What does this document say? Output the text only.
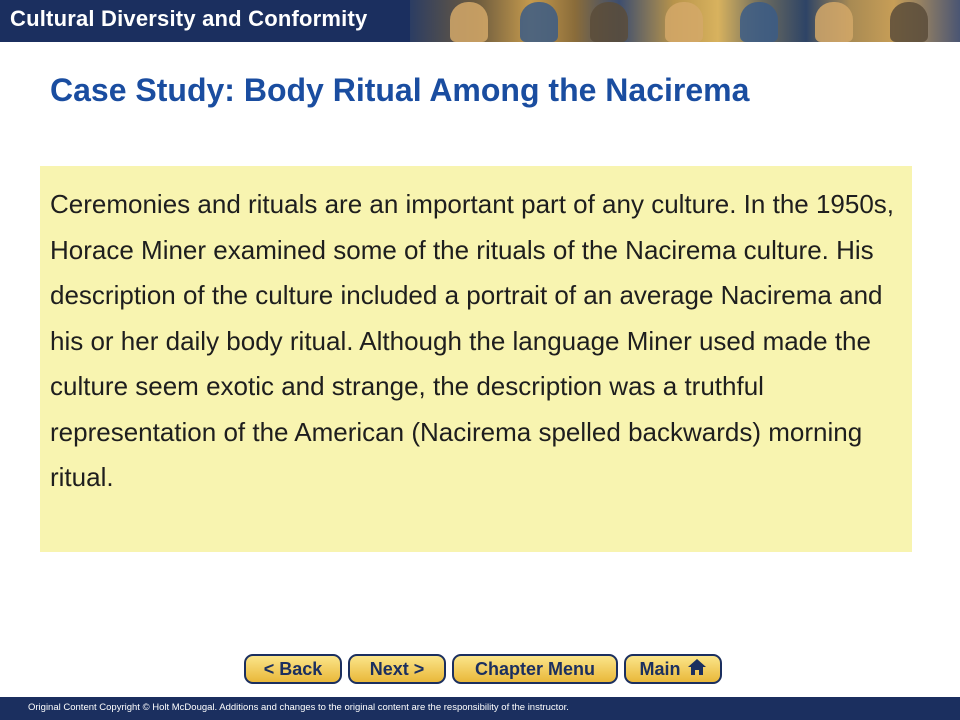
Cultural Diversity and Conformity
Case Study: Body Ritual Among the Nacirema

Ceremonies and rituals are an important part of any culture. In the 1950s, Horace Miner examined some of the rituals of the Nacirema culture. His description of the culture included a portrait of an average Nacirema and his or her daily body ritual. Although the language Miner used made the culture seem exotic and strange, the description was a truthful representation of the American (Nacirema spelled backwards) morning ritual.

< Back	Next >	Chapter Menu Main
Original Content Copyright © Holt McDougal. Additions and changes to the original content are the responsibility of the instructor.
